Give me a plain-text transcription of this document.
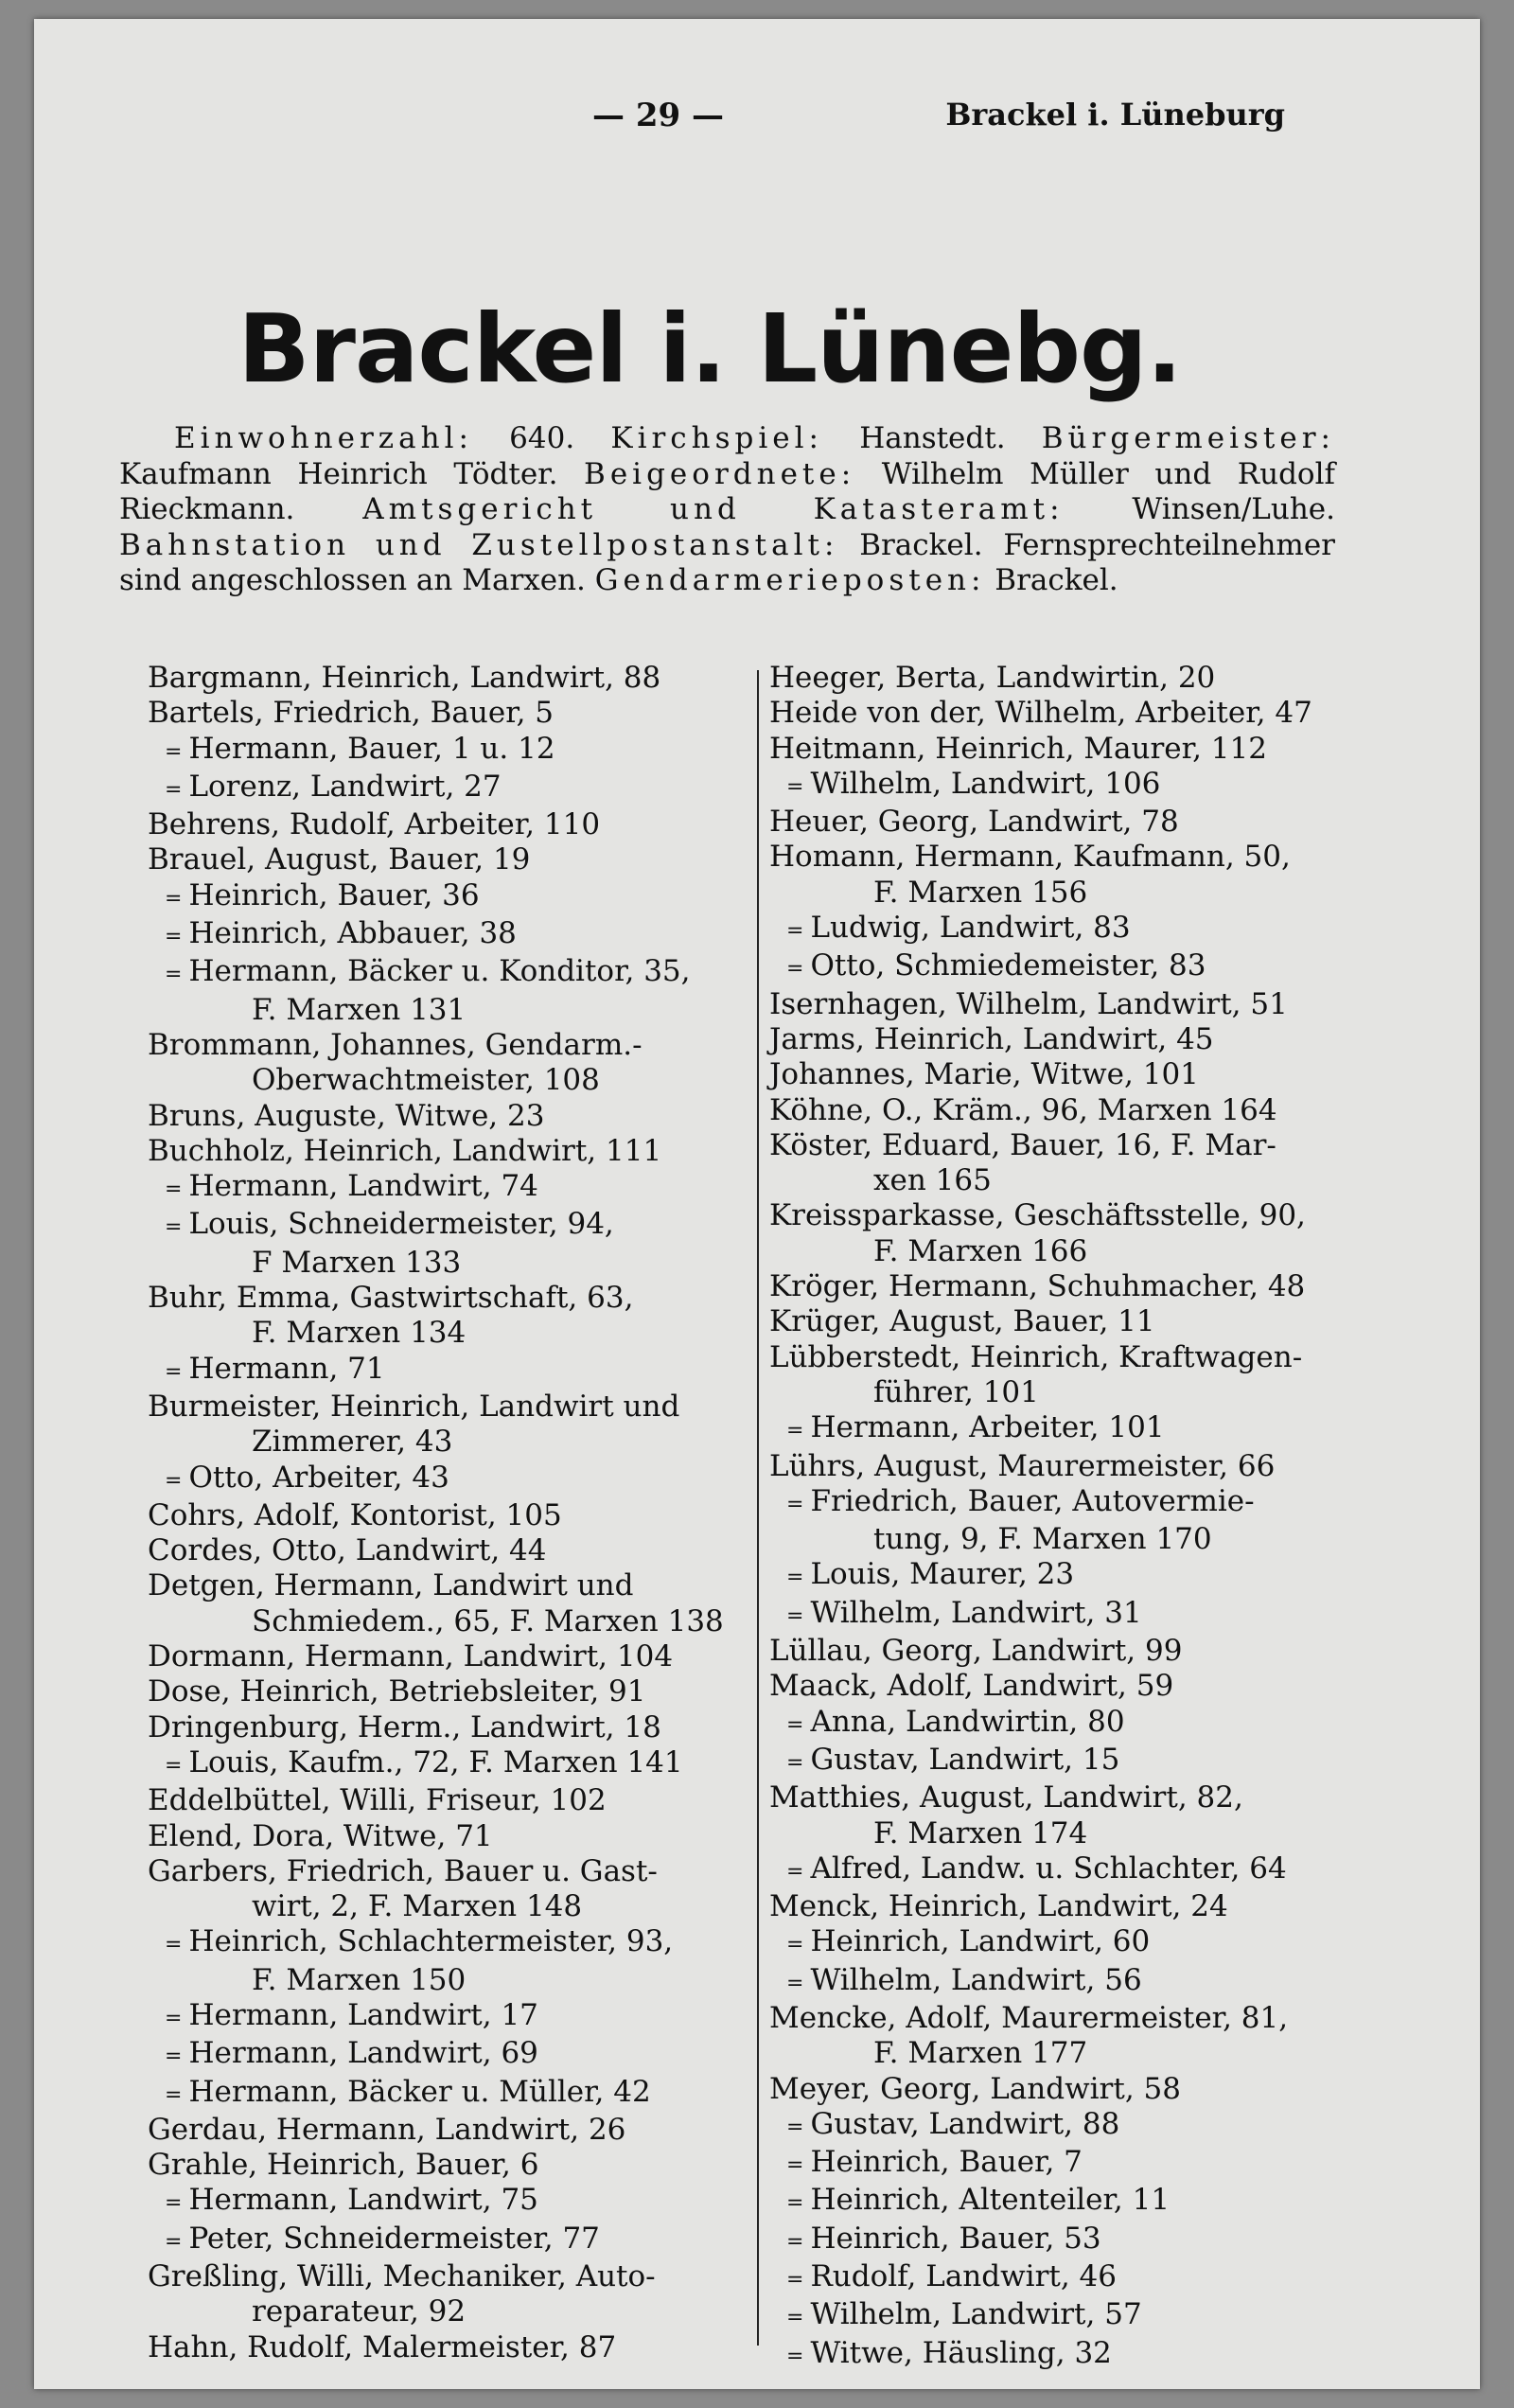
— 29 —	Brackel i. Lüneburg
Brackel i. Lünebg.
Einwohnerzahl: 640. Kirchspiel: Hanstedt. Bürgermeister: Kaufmann Heinrich Tödter. Beigeordnete: Wilhelm Müller und Rudolf Rieckmann. Amtsgericht und Katasteramt: Winsen/Luhe. Bahnstation und Zustellpostanstalt: Brackel. Fernsprechteilnehmer sind angeschlossen an Marxen. Gendarmerieposten: Brackel.
Bargmann, Heinrich, Landwirt, 88
Bartels, Friedrich, Bauer, 5
= Hermann, Bauer, 1 u. 12
= Lorenz, Landwirt, 27
Behrens, Rudolf, Arbeiter, 110
Brauel, August, Bauer, 19
= Heinrich, Bauer, 36
= Heinrich, Abbauer, 38
= Hermann, Bäcker u. Konditor, 35,
F. Marxen 131
Brommann, Johannes, Gendarm.-
Oberwachtmeister, 108
Bruns, Auguste, Witwe, 23
Buchholz, Heinrich, Landwirt, 111
= Hermann, Landwirt, 74
= Louis, Schneidermeister, 94,
F Marxen 133
Buhr, Emma, Gastwirtschaft, 63,
F. Marxen 134
= Hermann, 71
Burmeister, Heinrich, Landwirt und
Zimmerer, 43
= Otto, Arbeiter, 43
Cohrs, Adolf, Kontorist, 105
Cordes, Otto, Landwirt, 44
Detgen, Hermann, Landwirt und
Schmiedem., 65, F. Marxen 138
Dormann, Hermann, Landwirt, 104
Dose, Heinrich, Betriebsleiter, 91
Dringenburg, Herm., Landwirt, 18
= Louis, Kaufm., 72, F. Marxen 141
Eddelbüttel, Willi, Friseur, 102
Elend, Dora, Witwe, 71
Garbers, Friedrich, Bauer u. Gast-
wirt, 2, F. Marxen 148
= Heinrich, Schlachtermeister, 93,
F. Marxen 150
= Hermann, Landwirt, 17
= Hermann, Landwirt, 69
= Hermann, Bäcker u. Müller, 42
Gerdau, Hermann, Landwirt, 26
Grahle, Heinrich, Bauer, 6
= Hermann, Landwirt, 75
= Peter, Schneidermeister, 77
Greßling, Willi, Mechaniker, Auto-
reparateur, 92
Hahn, Rudolf, Malermeister, 87
Heeger, Berta, Landwirtin, 20
Heide von der, Wilhelm, Arbeiter, 47
Heitmann, Heinrich, Maurer, 112
= Wilhelm, Landwirt, 106
Heuer, Georg, Landwirt, 78
Homann, Hermann, Kaufmann, 50,
F. Marxen 156
= Ludwig, Landwirt, 83
= Otto, Schmiedemeister, 83
Isernhagen, Wilhelm, Landwirt, 51
Jarms, Heinrich, Landwirt, 45
Johannes, Marie, Witwe, 101
Köhne, O., Kräm., 96, Marxen 164
Köster, Eduard, Bauer, 16, F. Mar-
xen 165
Kreissparkasse, Geschäftsstelle, 90,
F. Marxen 166
Kröger, Hermann, Schuhmacher, 48
Krüger, August, Bauer, 11
Lübberstedt, Heinrich, Kraftwagen-
führer, 101
= Hermann, Arbeiter, 101
Lührs, August, Maurermeister, 66
= Friedrich, Bauer, Autovermie-
tung, 9, F. Marxen 170
= Louis, Maurer, 23
= Wilhelm, Landwirt, 31
Lüllau, Georg, Landwirt, 99
Maack, Adolf, Landwirt, 59
= Anna, Landwirtin, 80
= Gustav, Landwirt, 15
Matthies, August, Landwirt, 82,
F. Marxen 174
= Alfred, Landw. u. Schlachter, 64
Menck, Heinrich, Landwirt, 24
= Heinrich, Landwirt, 60
= Wilhelm, Landwirt, 56
Mencke, Adolf, Maurermeister, 81,
F. Marxen 177
Meyer, Georg, Landwirt, 58
= Gustav, Landwirt, 88
= Heinrich, Bauer, 7
= Heinrich, Altenteiler, 11
= Heinrich, Bauer, 53
= Rudolf, Landwirt, 46
= Wilhelm, Landwirt, 57
= Witwe, Häusling, 32
